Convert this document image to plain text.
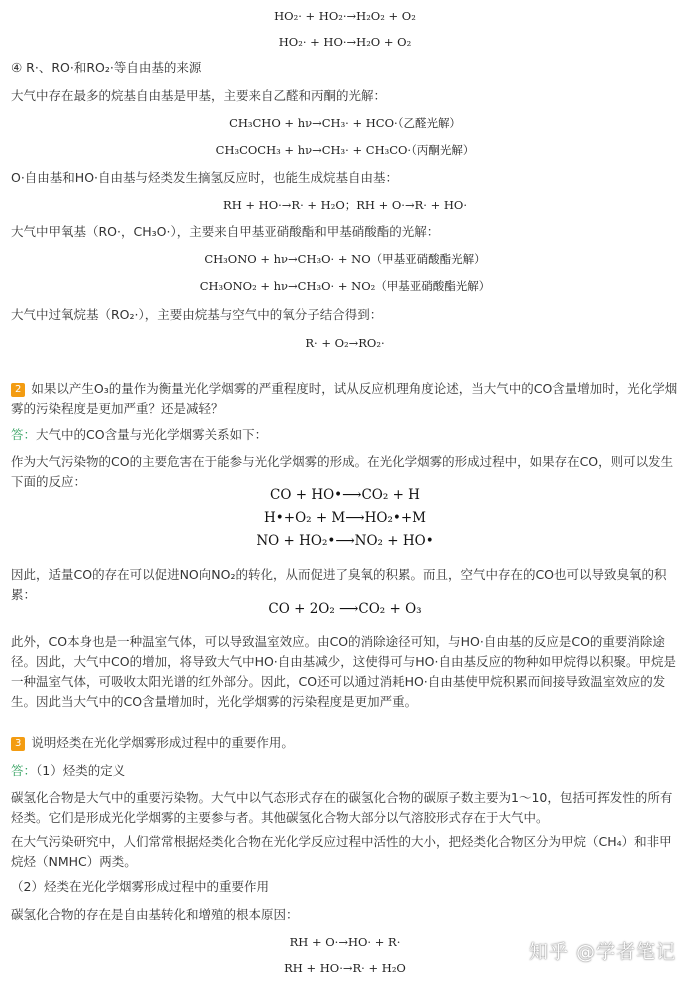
HO₂· + HO₂·→H₂O₂ + O₂
HO₂· + HO·→H₂O + O₂

④ R·、RO·和RO₂·等自由基的来源

大气中存在最多的烷基自由基是甲基，主要来自乙醛和丙酮的光解：

CH₃CHO + hν→CH₃· + HCO·（乙醛光解）
CH₃COCH₃ + hν→CH₃· + CH₃CO·（丙酮光解）

O·自由基和HO·自由基与烃类发生摘氢反应时，也能生成烷基自由基：

RH + HO·→R· + H₂O；RH + O·→R· + HO·

大气中甲氧基（RO·，CH₃O·），主要来自甲基亚硝酸酯和甲基硝酸酯的光解：

CH₃ONO + hν→CH₃O· + NO（甲基亚硝酸酯光解）
CH₃ONO₂ + hν→CH₃O· + NO₂（甲基亚硝酸酯光解）

大气中过氧烷基（RO₂·），主要由烷基与空气中的氧分子结合得到：

R· + O₂→RO₂·

2 如果以产生O₃的量作为衡量光化学烟雾的严重程度时，试从反应机理角度论述，当大气中的CO含量增加时，光化学烟雾的污染程度是更加严重？还是减轻？

答：大气中的CO含量与光化学烟雾关系如下：

作为大气污染物的CO的主要危害在于能参与光化学烟雾的形成。在光化学烟雾的形成过程中，如果存在CO，则可以发生下面的反应：

CO + HO•⟶CO₂ + H
H•+O₂ + M⟶HO₂•+M
NO + HO₂•⟶NO₂ + HO•

因此，适量CO的存在可以促进NO向NO₂的转化，从而促进了臭氧的积累。而且，空气中存在的CO也可以导致臭氧的积累：

CO + 2O₂ ⟶CO₂ + O₃

此外，CO本身也是一种温室气体，可以导致温室效应。由CO的消除途径可知，与HO·自由基的反应是CO的重要消除途径。因此，大气中CO的增加，将导致大气中HO·自由基减少，这使得可与HO·自由基反应的物种如甲烷得以积聚。甲烷是一种温室气体，可吸收太阳光谱的红外部分。因此，CO还可以通过消耗HO·自由基使甲烷积累而间接导致温室效应的发生。因此当大气中的CO含量增加时，光化学烟雾的污染程度是更加严重。

3 说明烃类在光化学烟雾形成过程中的重要作用。

答：（1）烃类的定义

碳氢化合物是大气中的重要污染物。大气中以气态形式存在的碳氢化合物的碳原子数主要为1～10，包括可挥发性的所有烃类。它们是形成光化学烟雾的主要参与者。其他碳氢化合物大部分以气溶胶形式存在于大气中。

在大气污染研究中，人们常常根据烃类化合物在光化学反应过程中活性的大小，把烃类化合物区分为甲烷（CH₄）和非甲烷烃（NMHC）两类。

（2）烃类在光化学烟雾形成过程中的重要作用

碳氢化合物的存在是自由基转化和增殖的根本原因：

RH + O·→HO· + R·
RH + HO·→R· + H₂O
知乎 @学者笔记
